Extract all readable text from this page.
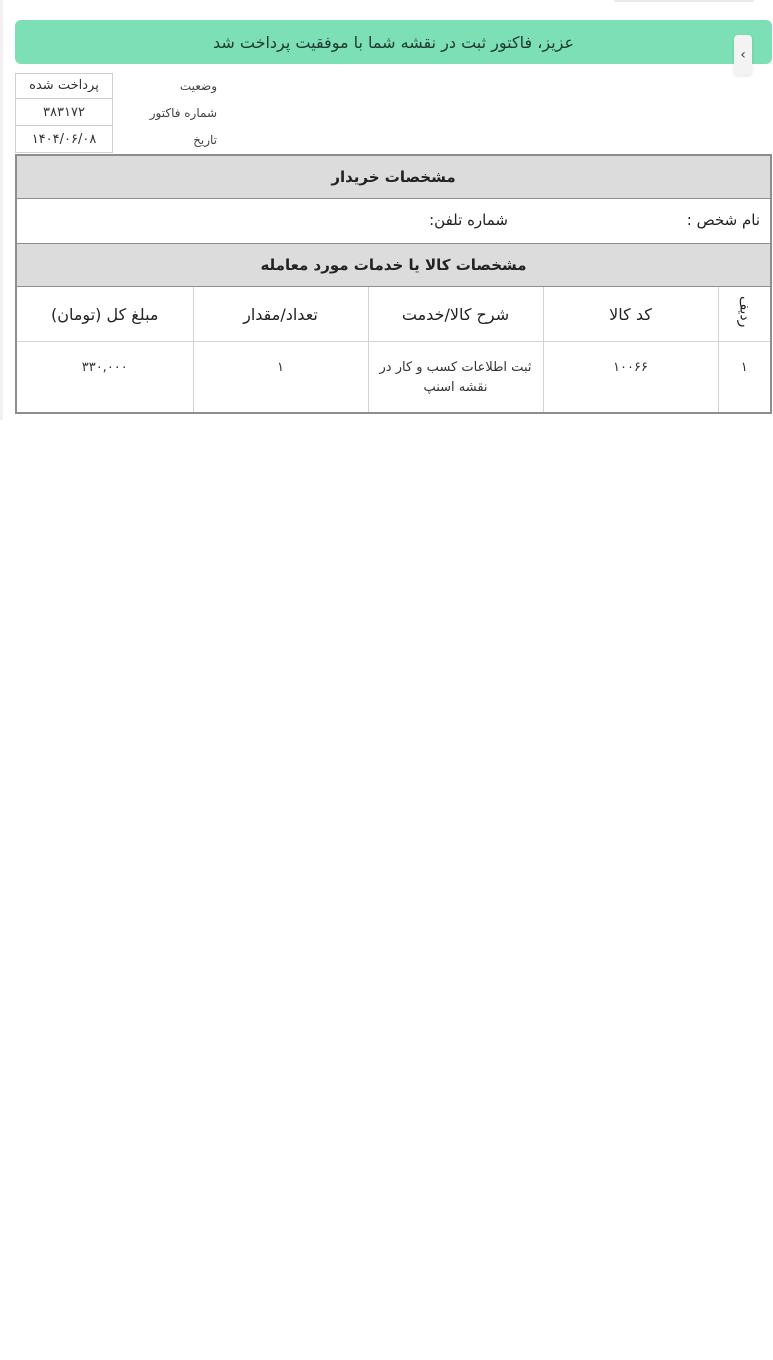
عزیز، فاکتور ثبت در نقشه شما با موفقیت پرداخت شد
‹
پرداخت شده	وضعیت
۳۸۳۱۷۲	شماره فاکتور
۱۴۰۴/۰۶/۰۸	تاریخ
مشخصات خریدار
نام شخص :
شماره تلفن:
مشخصات کالا یا خدمات مورد معامله
ردیف	کد کالا	شرح کالا/خدمت	تعداد/مقدار	مبلغ کل (تومان)
۱	۱۰۰۶۶	ثبت اطلاعات کسب و کار در نقشه اسنپ	۱	۳۳۰,۰۰۰
